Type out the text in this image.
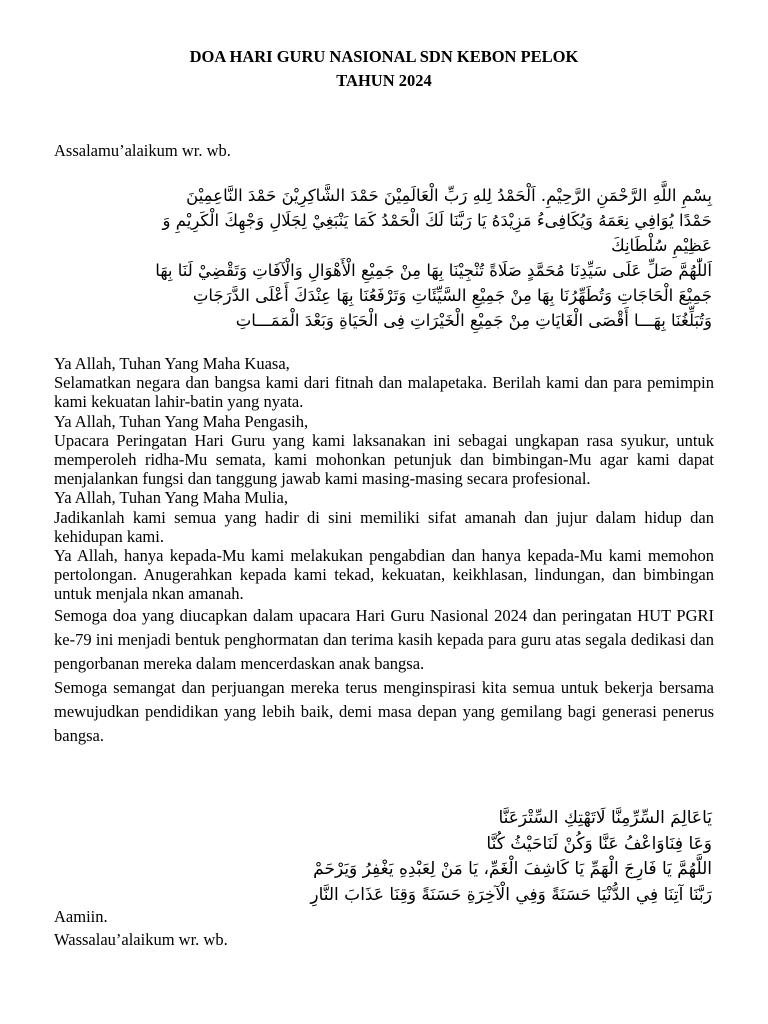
DOA HARI GURU NASIONAL SDN KEBON PELOK
TAHUN 2024
Assalamu’alaikum wr. wb.
بِسْمِ اللَّهِ الرَّحْمَنِ الرَّحِيْمِ. اَلْحَمْدُ لِلهِ رَبِّ الْعَالَمِيْنَ حَمْدَ الشَّاكِرِيْنَ حَمْدَ النَّاعِمِيْنَ
حَمْدًا يُوَافِي نِعَمَهُ وَيُكَافِىءُ مَزِيْدَهُ يَا رَبَّنَا لَكَ الْحَمْدُ كَمَا يَنْبَغِيْ لِجَلَالِ وَجْهِكَ الْكَرِيْمِ وَ
عَظِيْمِ سُلْطَانِكَ
اَللّٰهُمَّ صَلِّ عَلَى سَيِّدِنَا مُحَمَّدٍ صَلَاةً تُنْجِيْنَا بِهَا مِنْ جَمِيْعِ الْأَهْوَالِ وَالْآفَاتِ وَتَقْضِيْ لَنَا بِهَا
جَمِيْعَ الْحَاجَاتِ وَتُطَهِّرُنَا بِهَا مِنْ جَمِيْعِ السَّيِّئَاتِ وَتَرْفَعُنَا بِهَا عِنْدَكَ أَعْلَى الدَّرَجَاتِ
وَتُبَلِّغُنَا بِهَـــا أَقْصَى الْغَايَاتِ مِنْ جَمِيْعِ الْخَيْرَاتِ فِى الْحَيَاةِ وَبَعْدَ الْمَمَـــاتِ

Ya Allah, Tuhan Yang Maha Kuasa,

Selamatkan negara dan bangsa kami dari fitnah dan malapetaka. Berilah kami dan para pemimpin kami kekuatan lahir-batin yang nyata.

Ya Allah, Tuhan Yang Maha Pengasih,

Upacara Peringatan Hari Guru yang kami laksanakan ini sebagai ungkapan rasa syukur, untuk memperoleh ridha-Mu semata, kami mohonkan petunjuk dan bimbingan-Mu agar kami dapat menjalankan fungsi dan tanggung jawab kami masing-masing secara profesional.

Ya Allah, Tuhan Yang Maha Mulia,

Jadikanlah kami semua yang hadir di sini memiliki sifat amanah dan jujur dalam hidup dan kehidupan kami.

Ya Allah, hanya kepada-Mu kami melakukan pengabdian dan hanya kepada-Mu kami memohon pertolongan. Anugerahkan kepada kami tekad, kekuatan, keikhlasan, lindungan, dan bimbingan untuk menjala nkan amanah.

Semoga doa yang diucapkan dalam upacara Hari Guru Nasional 2024 dan peringatan HUT PGRI ke-79 ini menjadi bentuk penghormatan dan terima kasih kepada para guru atas segala dedikasi dan pengorbanan mereka dalam mencerdaskan anak bangsa.

Semoga semangat dan perjuangan mereka terus menginspirasi kita semua untuk bekerja bersama mewujudkan pendidikan yang lebih baik, demi masa depan yang gemilang bagi generasi penerus bangsa.

يَاعَالِمَ السِّرِّمِنَّا لَاتَهْتِكِ السِّتْرَعَنَّا
وَعَا فِنَاوَاعْفُ عَنَّا وَكُنْ لَنَاحَيْثُ كُنَّا
اللَّهُمَّ يَا فَارِجَ الْهَمِّ يَا كَاشِفَ الْغَمِّ، يَا مَنْ لِعَبْدِهِ يَغْفِرُ وَيَرْحَمْ
رَبَّنَا آتِنَا فِي الدُّنْيَا حَسَنَةً وَفِي الْآخِرَةِ حَسَنَةً وَقِنَا عَذَابَ النَّارِ
Aamiin.
Wassalau’alaikum wr. wb.
